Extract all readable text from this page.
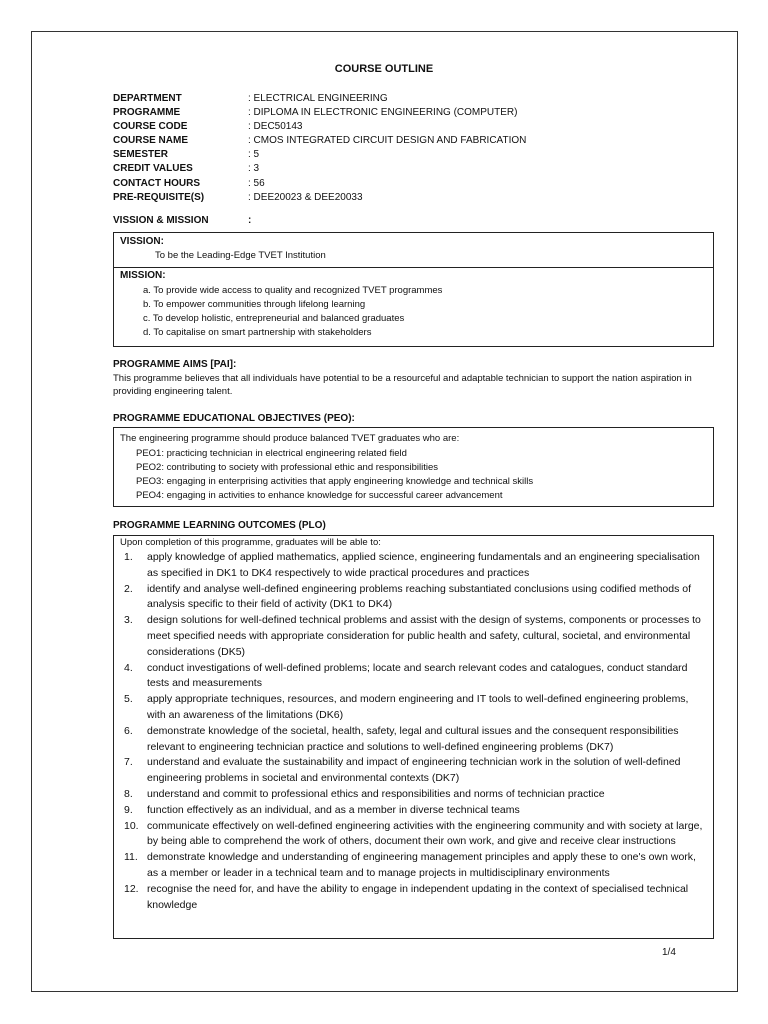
COURSE OUTLINE
DEPARTMENT	: ELECTRICAL ENGINEERING
PROGRAMME	: DIPLOMA IN ELECTRONIC ENGINEERING (COMPUTER)
COURSE CODE	: DEC50143
COURSE NAME	: CMOS INTEGRATED CIRCUIT DESIGN AND FABRICATION
SEMESTER	: 5
CREDIT VALUES	: 3
CONTACT HOURS	: 56
PRE-REQUISITE(S)	: DEE20023 & DEE20033
VISSION & MISSION	:
VISSION:
To be the Leading-Edge TVET Institution
MISSION:
a. To provide wide access to quality and recognized TVET programmes
b. To empower communities through lifelong learning
c. To develop holistic, entrepreneurial and balanced graduates
d. To capitalise on smart partnership with stakeholders
PROGRAMME AIMS [PAI]:
This programme believes that all individuals have potential to be a resourceful and adaptable technician to support the nation aspiration in providing engineering talent.
PROGRAMME EDUCATIONAL OBJECTIVES (PEO):
The engineering programme should produce balanced TVET graduates who are:
PEO1: practicing technician in electrical engineering related field
PEO2: contributing to society with professional ethic and responsibilities
PEO3: engaging in enterprising activities that apply engineering knowledge and technical skills
PEO4: engaging in activities to enhance knowledge for successful career advancement
PROGRAMME LEARNING OUTCOMES (PLO)
Upon completion of this programme, graduates will be able to:
1. apply knowledge of applied mathematics, applied science, engineering fundamentals and an engineering specialisation as specified in DK1 to DK4 respectively to wide practical procedures and practices
2. identify and analyse well-defined engineering problems reaching substantiated conclusions using codified methods of analysis specific to their field of activity (DK1 to DK4)
3. design solutions for well-defined technical problems and assist with the design of systems, components or processes to meet specified needs with appropriate consideration for public health and safety, cultural, societal, and environmental considerations (DK5)
4. conduct investigations of well-defined problems; locate and search relevant codes and catalogues, conduct standard tests and measurements
5. apply appropriate techniques, resources, and modern engineering and IT tools to well-defined engineering problems, with an awareness of the limitations (DK6)
6. demonstrate knowledge of the societal, health, safety, legal and cultural issues and the consequent responsibilities relevant to engineering technician practice and solutions to well-defined engineering problems (DK7)
7. understand and evaluate the sustainability and impact of engineering technician work in the solution of well-defined engineering problems in societal and environmental contexts (DK7)
8. understand and commit to professional ethics and responsibilities and norms of technician practice
9. function effectively as an individual, and as a member in diverse technical teams
10. communicate effectively on well-defined engineering activities with the engineering community and with society at large, by being able to comprehend the work of others, document their own work, and give and receive clear instructions
11. demonstrate knowledge and understanding of engineering management principles and apply these to one's own work, as a member or leader in a technical team and to manage projects in multidisciplinary environments
12. recognise the need for, and have the ability to engage in independent updating in the context of specialised technical knowledge
1/4
